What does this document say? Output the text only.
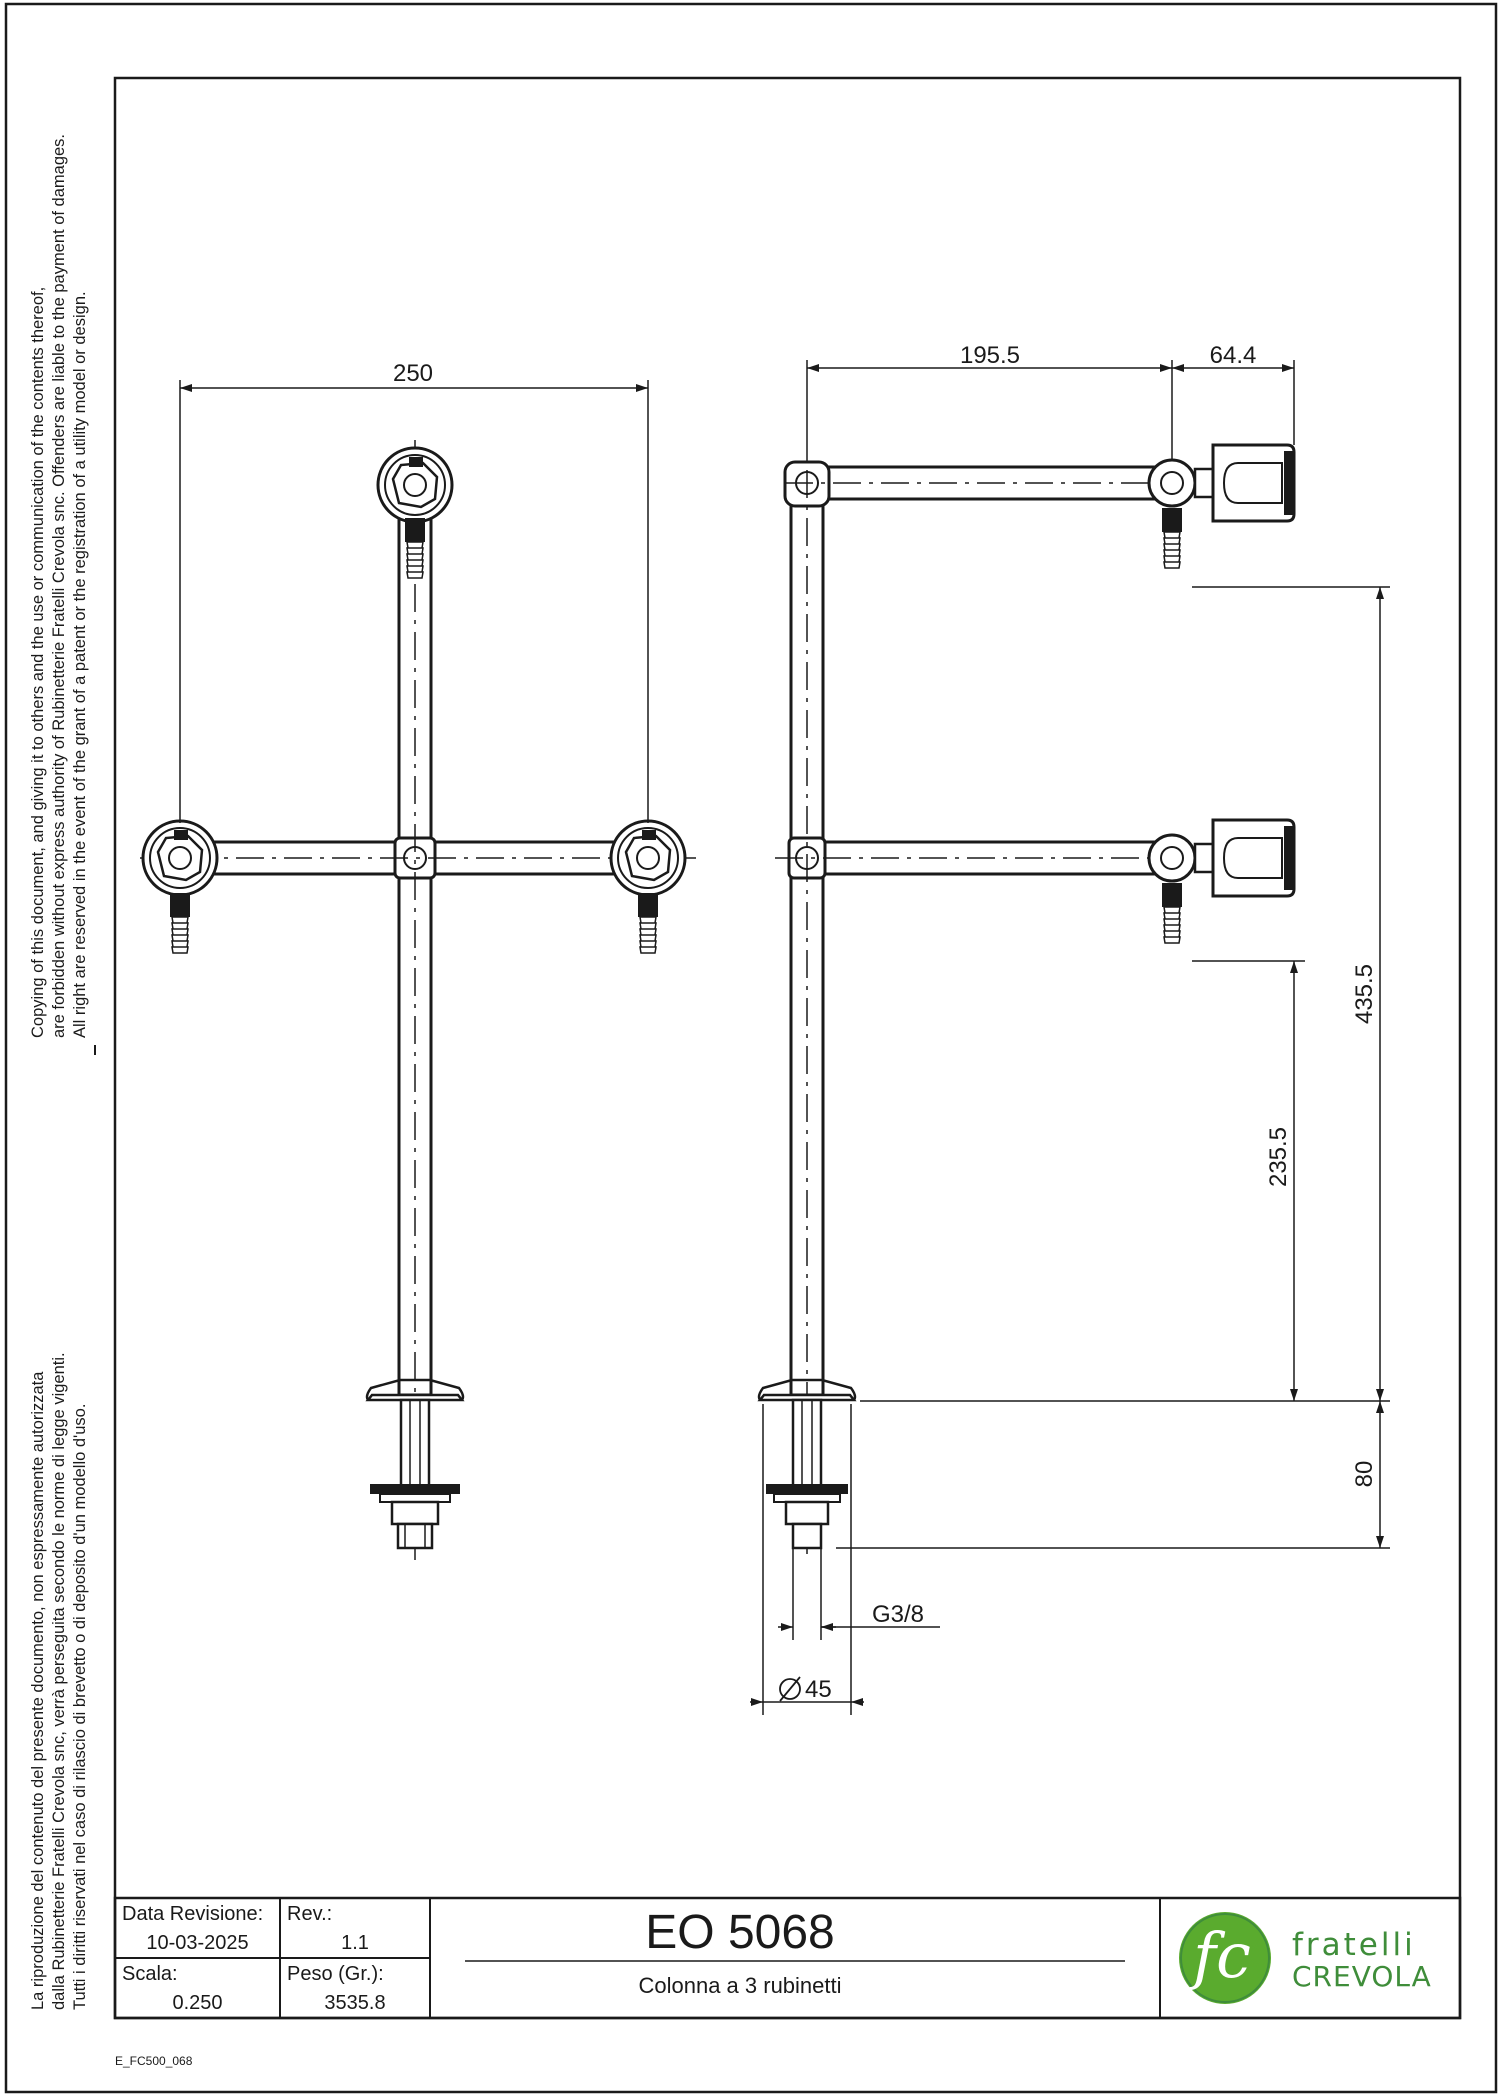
250
195.5	64.4
435.5
235.5
80
G3/8
45
fc
Copying of this document, and giving it to others and the use or communication of the contents thereof, are forbidden without express authority of Rubinetterie Fratelli Crevola snc. Offenders are liable to the payment of damages. All right are reserved in the event of the grant of a patent or the registration of a utility model or design.
La riproduzione del contenuto del presente documento, non espressamente autorizzata dalla Rubinetterie Fratelli Crevola snc, verrà perseguita secondo le norme di legge vigenti. Tutti i diritti riservati nel caso di rilascio di brevetto o di deposito d'un modello d'uso. Data Revisione:
10-03-2025
Rev.:
1.1
Scala:
0.250
Peso (Gr.):
3535.8
EO 5068
Colonna a 3 rubinetti
fratelli
CREVOLA
E_FC500_068
